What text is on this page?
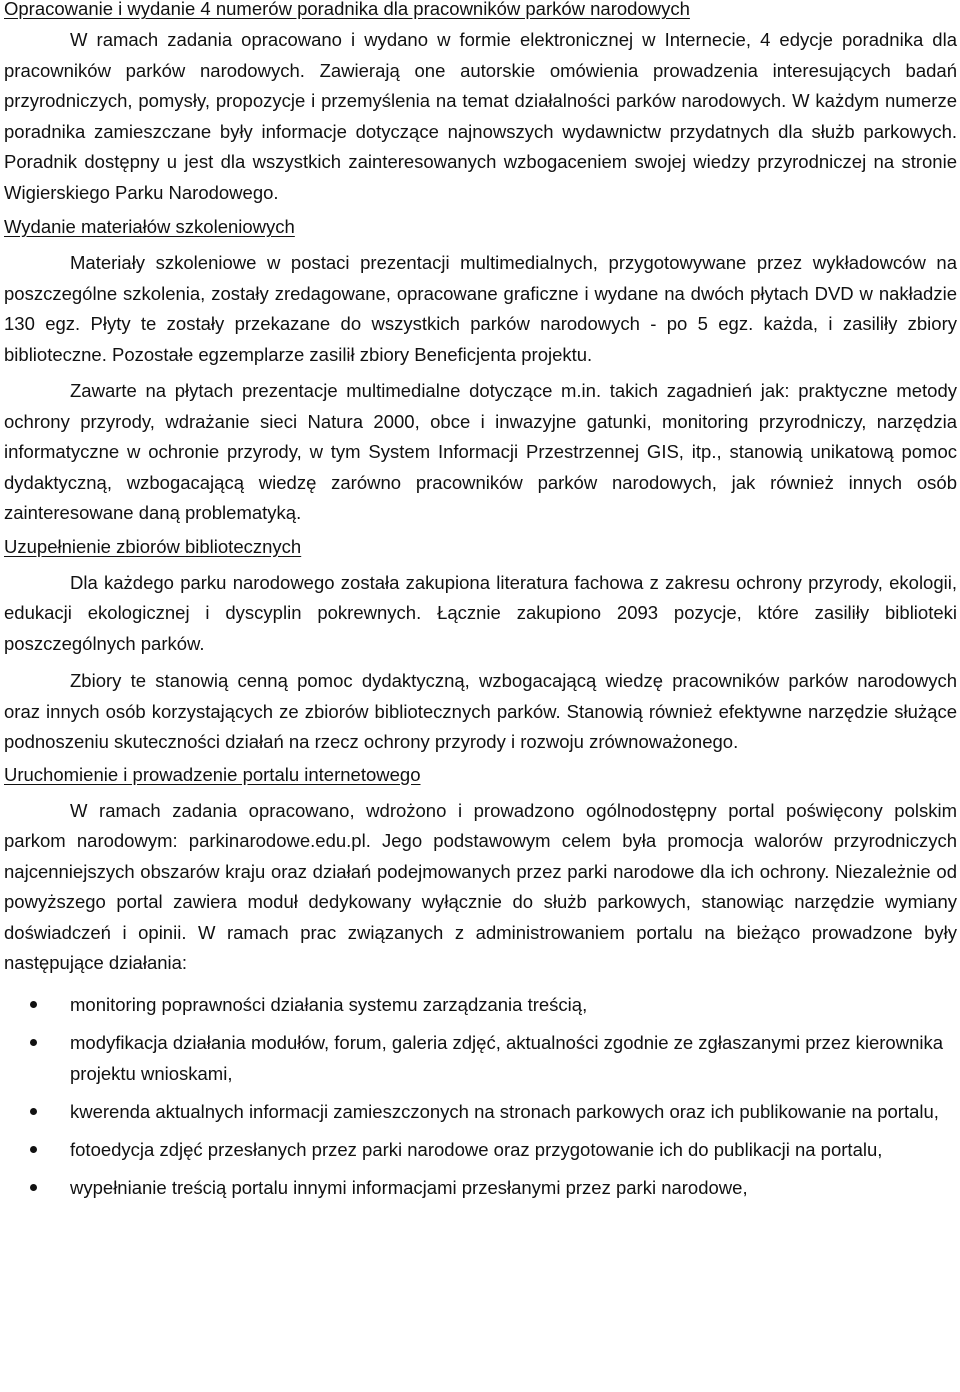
Opracowanie i wydanie 4 numerów poradnika dla pracowników parków narodowych

W ramach zadania opracowano i wydano w formie elektronicznej w Internecie, 4 edycje poradnika dla pracowników parków narodowych. Zawierają one autorskie omówienia prowadzenia interesujących badań przyrodniczych, pomysły, propozycje i przemyślenia na temat działalności parków narodowych. W każdym numerze poradnika zamieszczane były informacje dotyczące najnowszych wydawnictw przydatnych dla służb parkowych. Poradnik dostępny u jest dla wszystkich zainteresowanych wzbogaceniem swojej wiedzy przyrodniczej na stronie Wigierskiego Parku Narodowego.

Wydanie materiałów szkoleniowych

Materiały szkoleniowe w postaci prezentacji multimedialnych, przygotowywane przez wykładowców na poszczególne szkolenia, zostały zredagowane, opracowane graficzne i wydane na dwóch płytach DVD w nakładzie 130 egz. Płyty te zostały przekazane do wszystkich parków narodowych - po 5 egz. każda, i zasiliły zbiory biblioteczne. Pozostałe egzemplarze zasilił zbiory Beneficjenta projektu.

Zawarte na płytach prezentacje multimedialne dotyczące m.in. takich zagadnień jak: praktyczne metody ochrony przyrody, wdrażanie sieci Natura 2000, obce i inwazyjne gatunki, monitoring przyrodniczy, narzędzia informatyczne w ochronie przyrody, w tym System Informacji Przestrzennej GIS, itp., stanowią unikatową pomoc dydaktyczną, wzbogacającą wiedzę zarówno pracowników parków narodowych, jak również innych osób zainteresowane daną problematyką.

Uzupełnienie zbiorów bibliotecznych

Dla każdego parku narodowego została zakupiona literatura fachowa z zakresu ochrony przyrody, ekologii, edukacji ekologicznej i dyscyplin pokrewnych. Łącznie zakupiono 2093 pozycje, które zasiliły biblioteki poszczególnych parków.

Zbiory te stanowią cenną pomoc dydaktyczną, wzbogacającą wiedzę pracowników parków narodowych oraz innych osób korzystających ze zbiorów bibliotecznych parków. Stanowią również efektywne narzędzie służące podnoszeniu skuteczności działań na rzecz ochrony przyrody i rozwoju zrównoważonego.

Uruchomienie i prowadzenie portalu internetowego

W ramach zadania opracowano, wdrożono i prowadzono ogólnodostępny portal poświęcony polskim parkom narodowym: parkinarodowe.edu.pl. Jego podstawowym celem była promocja walorów przyrodniczych najcenniejszych obszarów kraju oraz działań podejmowanych przez parki narodowe dla ich ochrony. Niezależnie od powyższego portal zawiera moduł dedykowany wyłącznie do służb parkowych, stanowiąc narzędzie wymiany doświadczeń i opinii. W ramach prac związanych z administrowaniem portalu na bieżąco prowadzone były następujące działania:

monitoring poprawności działania systemu zarządzania treścią,
modyfikacja działania modułów, forum, galeria zdjęć, aktualności zgodnie ze zgłaszanymi przez kierownika projektu wnioskami,
kwerenda aktualnych informacji zamieszczonych na stronach parkowych oraz ich publikowanie na portalu,
fotoedycja zdjęć przesłanych przez parki narodowe oraz przygotowanie ich do publikacji na portalu,
wypełnianie treścią portalu innymi informacjami przesłanymi przez parki narodowe,
